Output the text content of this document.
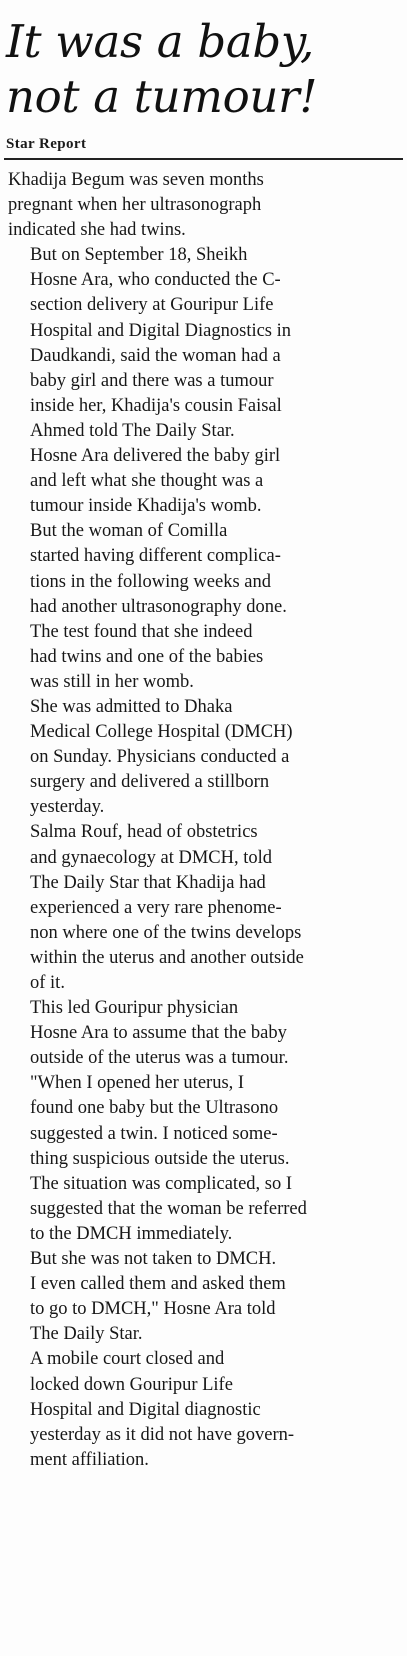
It was a baby,
not a tumour!
Star Report

Khadija Begum was seven months
pregnant when her ultrasonograph
indicated she had twins.

But on September 18, Sheikh
Hosne Ara, who conducted the C-
section delivery at Gouripur Life
Hospital and Digital Diagnostics in
Daudkandi, said the woman had a
baby girl and there was a tumour
inside her, Khadija's cousin Faisal
Ahmed told The Daily Star.

Hosne Ara delivered the baby girl
and left what she thought was a
tumour inside Khadija's womb.

But the woman of Comilla
started having different complica-
tions in the following weeks and
had another ultrasonography done.

The test found that she indeed
had twins and one of the babies
was still in her womb.

She was admitted to Dhaka
Medical College Hospital (DMCH)
on Sunday. Physicians conducted a
surgery and delivered a stillborn
yesterday.

Salma Rouf, head of obstetrics
and gynaecology at DMCH, told
The Daily Star that Khadija had
experienced a very rare phenome-
non where one of the twins develops
within the uterus and another outside
of it.

This led Gouripur physician
Hosne Ara to assume that the baby
outside of the uterus was a tumour.

"When I opened her uterus, I
found one baby but the Ultrasono
suggested a twin. I noticed some-
thing suspicious outside the uterus.
The situation was complicated, so I
suggested that the woman be referred
to the DMCH immediately.

But she was not taken to DMCH.
I even called them and asked them
to go to DMCH," Hosne Ara told
The Daily Star.

A mobile court closed and
locked down Gouripur Life
Hospital and Digital diagnostic
yesterday as it did not have govern-
ment affiliation.
